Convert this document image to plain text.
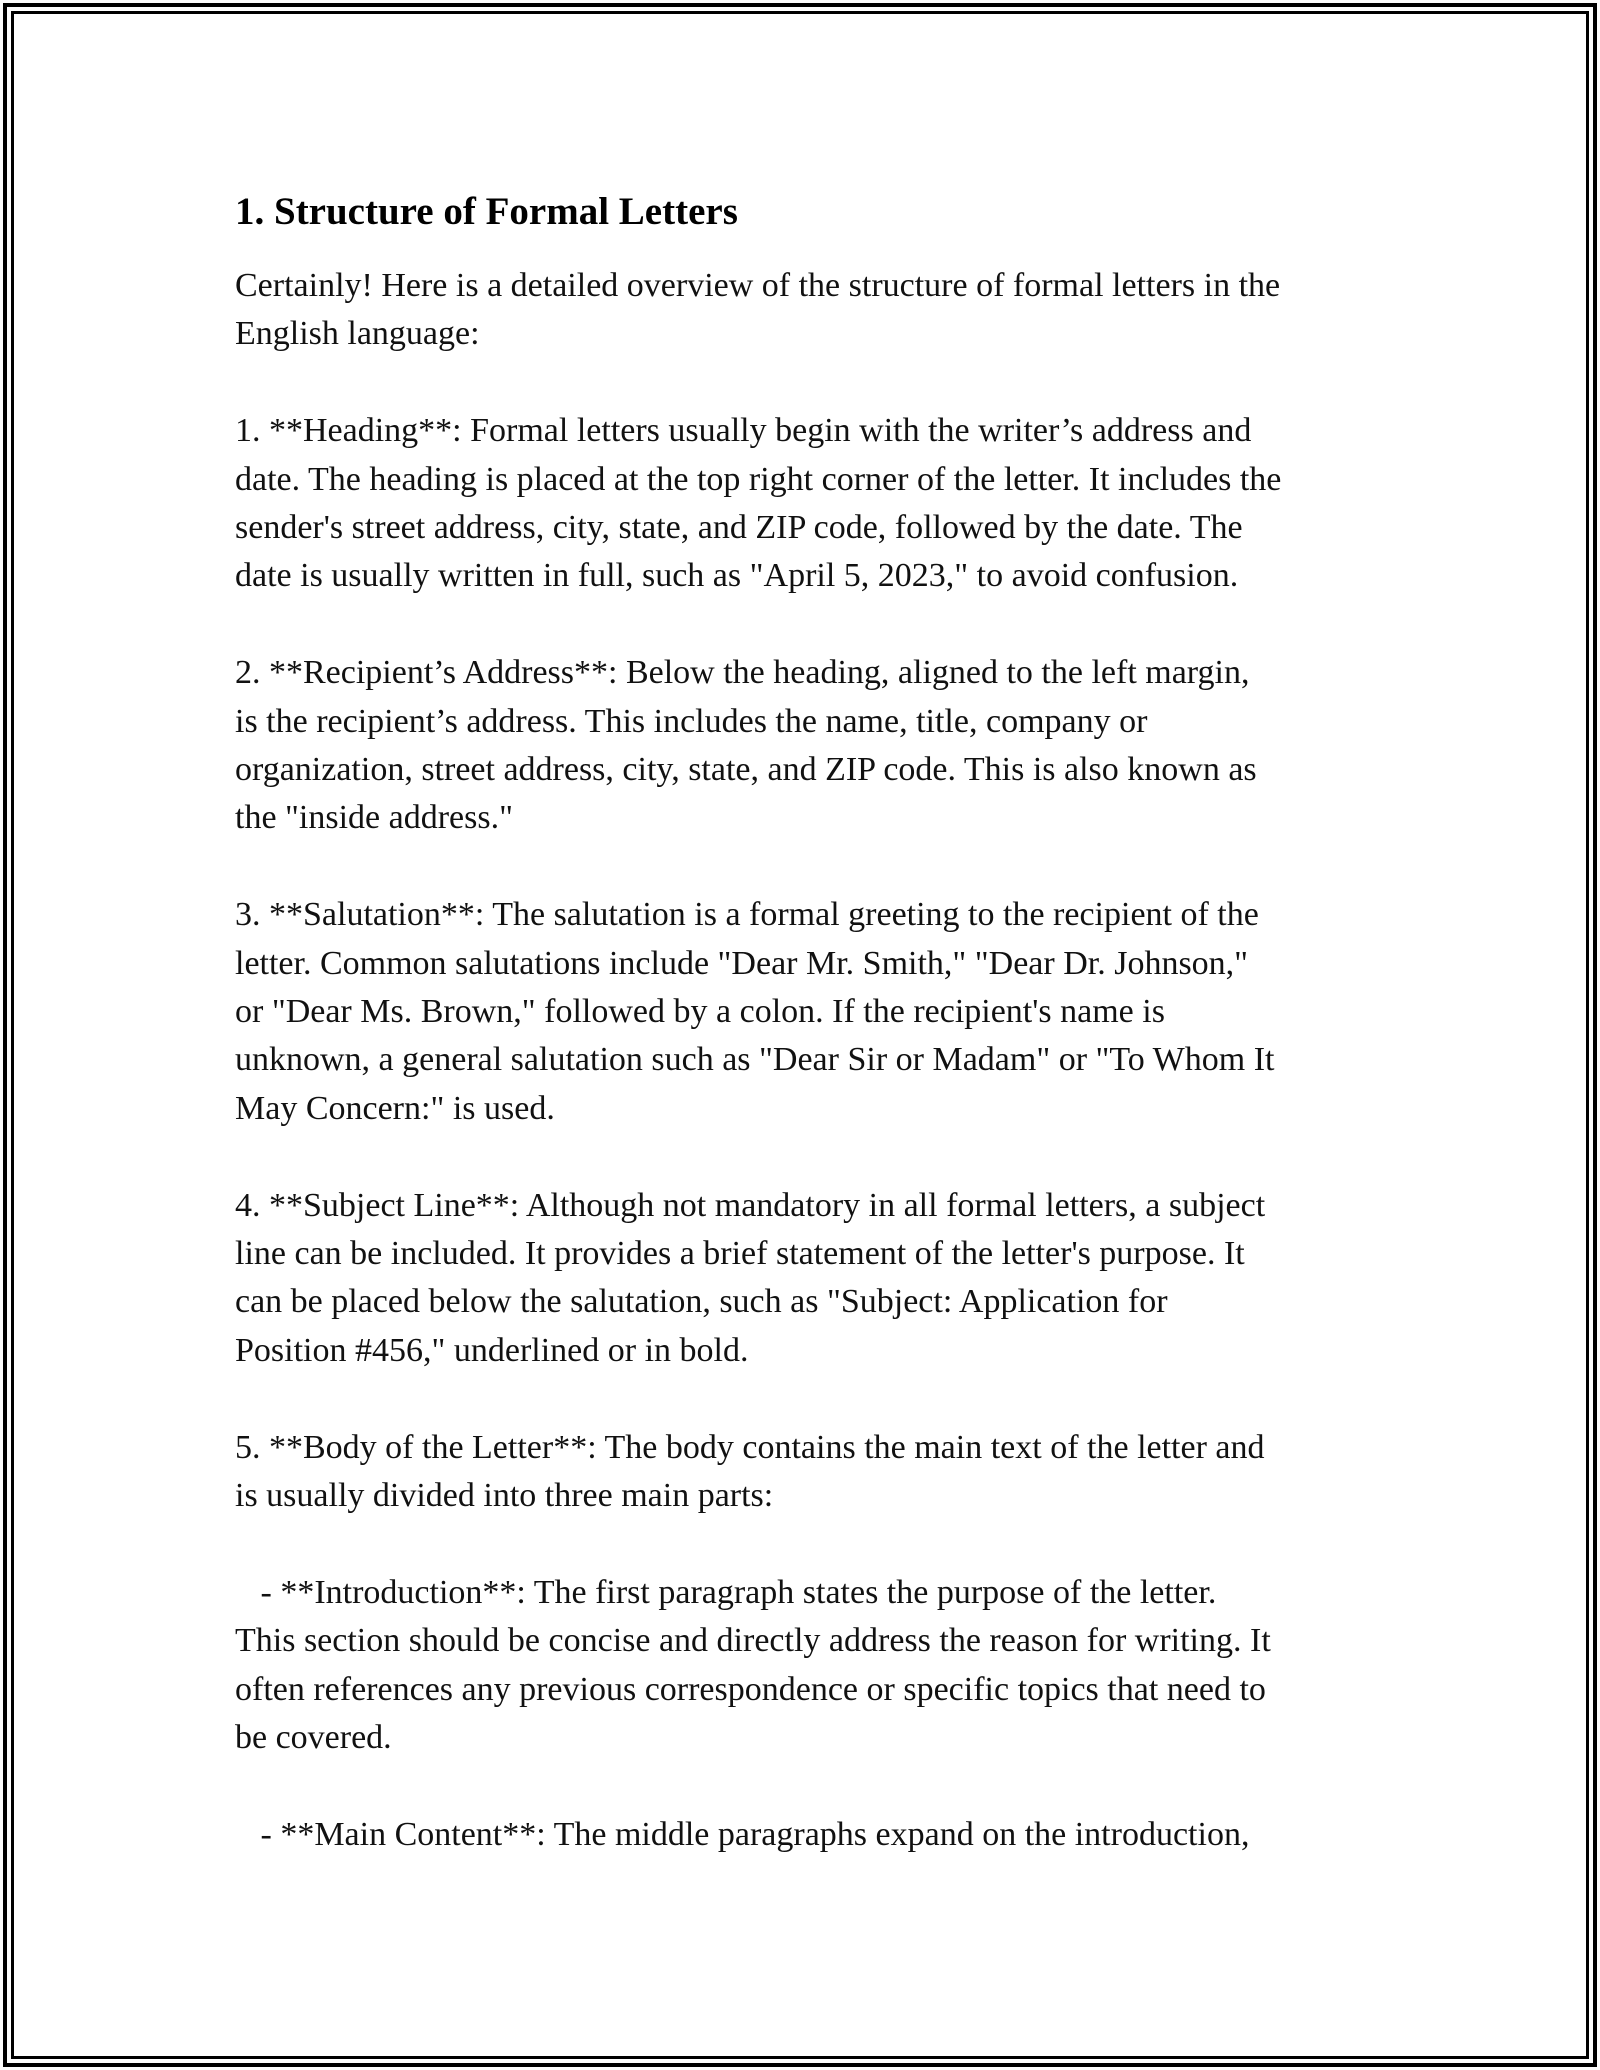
1. Structure of Formal Letters

Certainly! Here is a detailed overview of the structure of formal letters in the
English language:

1. **Heading**: Formal letters usually begin with the writer’s address and
date. The heading is placed at the top right corner of the letter. It includes the
sender's street address, city, state, and ZIP code, followed by the date. The
date is usually written in full, such as "April 5, 2023," to avoid confusion.

2. **Recipient’s Address**: Below the heading, aligned to the left margin,
is the recipient’s address. This includes the name, title, company or
organization, street address, city, state, and ZIP code. This is also known as
the "inside address."

3. **Salutation**: The salutation is a formal greeting to the recipient of the
letter. Common salutations include "Dear Mr. Smith," "Dear Dr. Johnson,"
or "Dear Ms. Brown," followed by a colon. If the recipient's name is
unknown, a general salutation such as "Dear Sir or Madam" or "To Whom It
May Concern:" is used.

4. **Subject Line**: Although not mandatory in all formal letters, a subject
line can be included. It provides a brief statement of the letter's purpose. It
can be placed below the salutation, such as "Subject: Application for
Position #456," underlined or in bold.

5. **Body of the Letter**: The body contains the main text of the letter and
is usually divided into three main parts:

- **Introduction**: The first paragraph states the purpose of the letter.
This section should be concise and directly address the reason for writing. It
often references any previous correspondence or specific topics that need to
be covered.

- **Main Content**: The middle paragraphs expand on the introduction,
